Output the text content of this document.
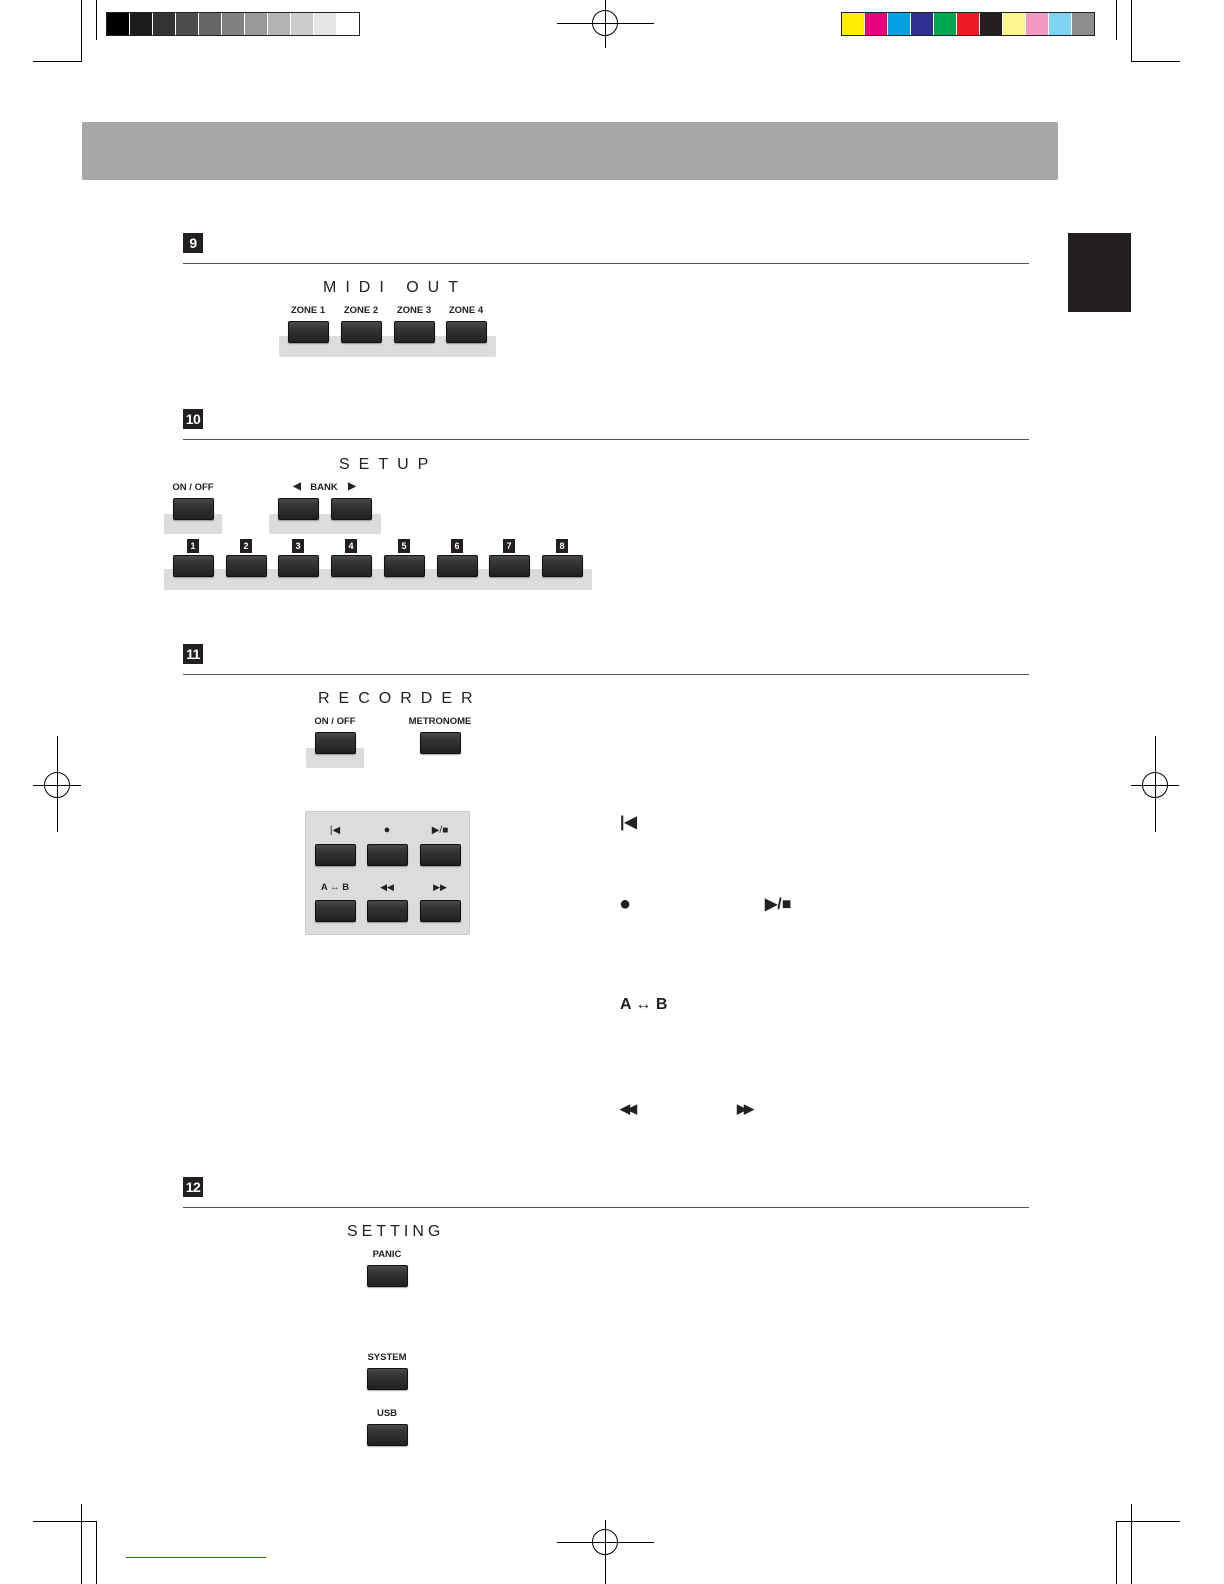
9
MIDI OUT
ZONE 1 ZONE 2 ZONE 3 ZONE 4
10
SETUP
ON / OFF	◀ BANK ▶
1	2	3	4	5	6	7	8
11
RECORDER
ON / OFF	METRONOME
|◀	●	▶/■
A ↔ B	◀◀	▶▶
|◀
●	▶/■
A ↔ B
◀◀	▶▶
12
SETTING
PANIC
SYSTEM
USB
